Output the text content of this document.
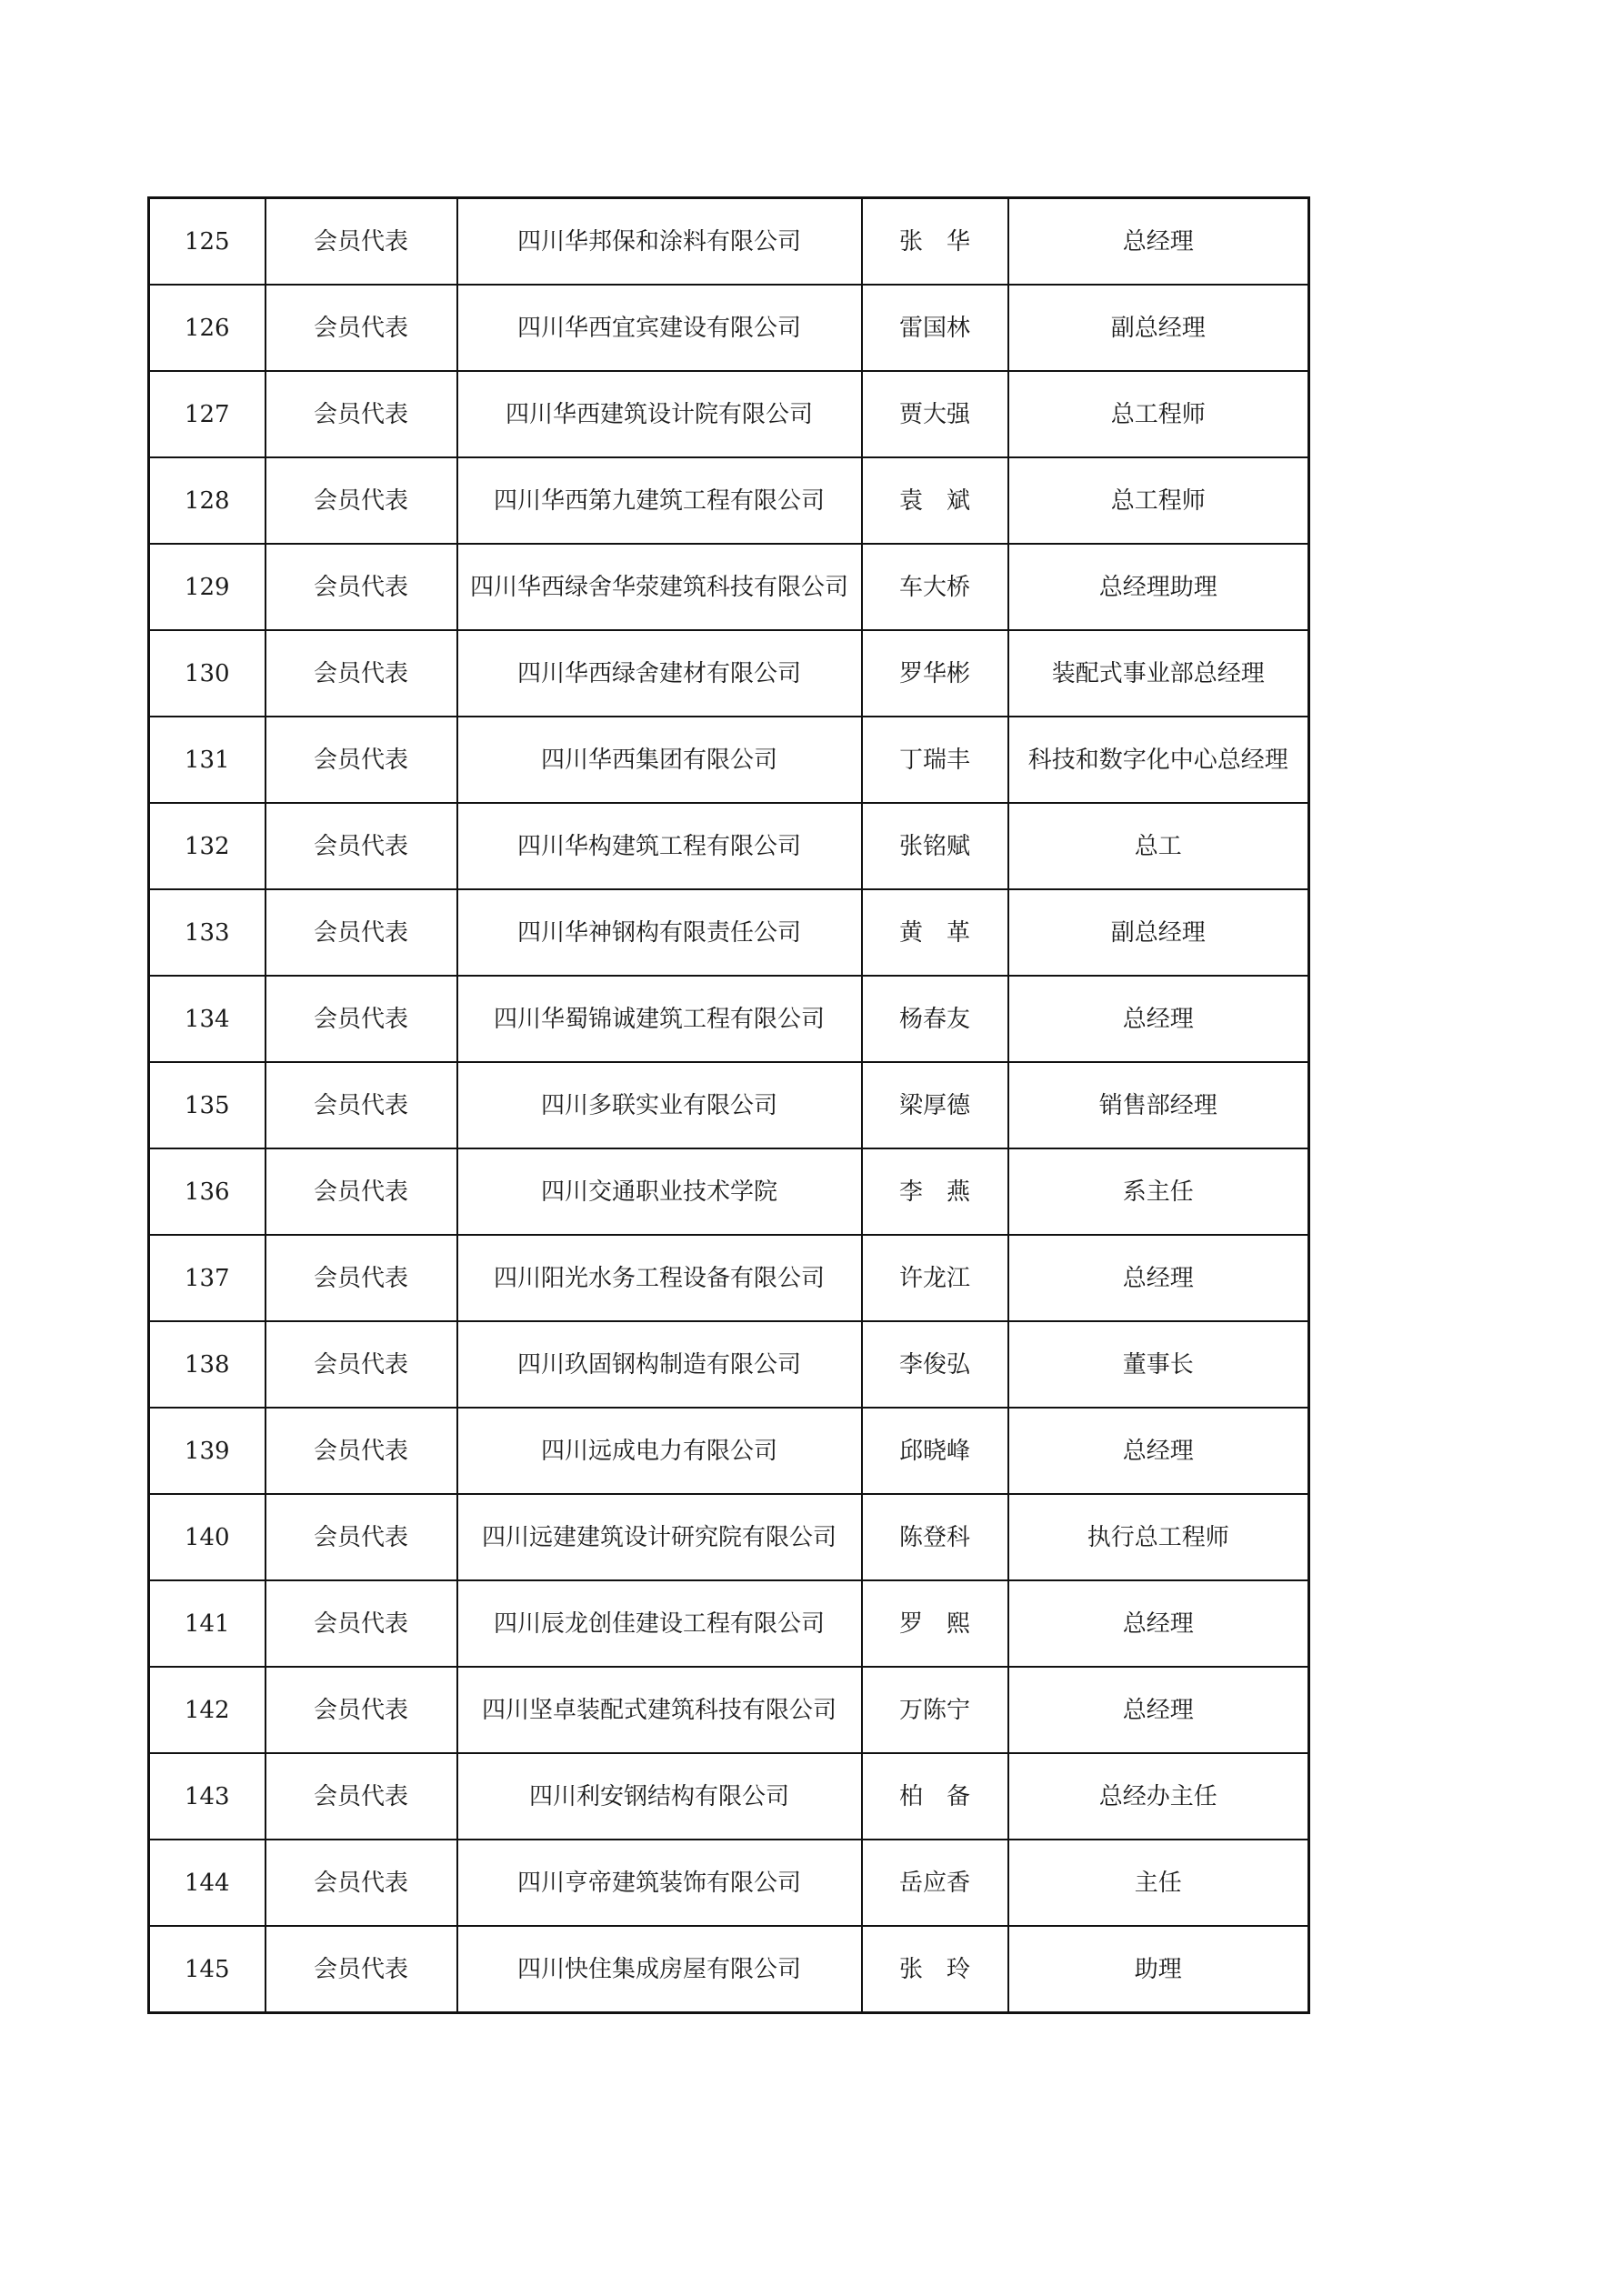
125	会员代表	四川华邦保和涂料有限公司	张　华	总经理
126	会员代表	四川华西宜宾建设有限公司	雷国林	副总经理
127	会员代表	四川华西建筑设计院有限公司	贾大强	总工程师
128	会员代表	四川华西第九建筑工程有限公司	袁　斌	总工程师
129	会员代表	四川华西绿舍华荥建筑科技有限公司	车大桥	总经理助理
130	会员代表	四川华西绿舍建材有限公司	罗华彬	装配式事业部总经理
131	会员代表	四川华西集团有限公司	丁瑞丰	科技和数字化中心总经理
132	会员代表	四川华构建筑工程有限公司	张铭赋	总工
133	会员代表	四川华神钢构有限责任公司	黄　革	副总经理
134	会员代表	四川华蜀锦诚建筑工程有限公司	杨春友	总经理
135	会员代表	四川多联实业有限公司	梁厚德	销售部经理
136	会员代表	四川交通职业技术学院	李　燕	系主任
137	会员代表	四川阳光水务工程设备有限公司	许龙江	总经理
138	会员代表	四川玖固钢构制造有限公司	李俊弘	董事长
139	会员代表	四川远成电力有限公司	邱晓峰	总经理
140	会员代表	四川远建建筑设计研究院有限公司	陈登科	执行总工程师
141	会员代表	四川辰龙创佳建设工程有限公司	罗　熙	总经理
142	会员代表	四川坚卓装配式建筑科技有限公司	万陈宁	总经理
143	会员代表	四川利安钢结构有限公司	柏　备	总经办主任
144	会员代表	四川亨帝建筑装饰有限公司	岳应香	主任
145	会员代表	四川快住集成房屋有限公司	张　玲	助理
